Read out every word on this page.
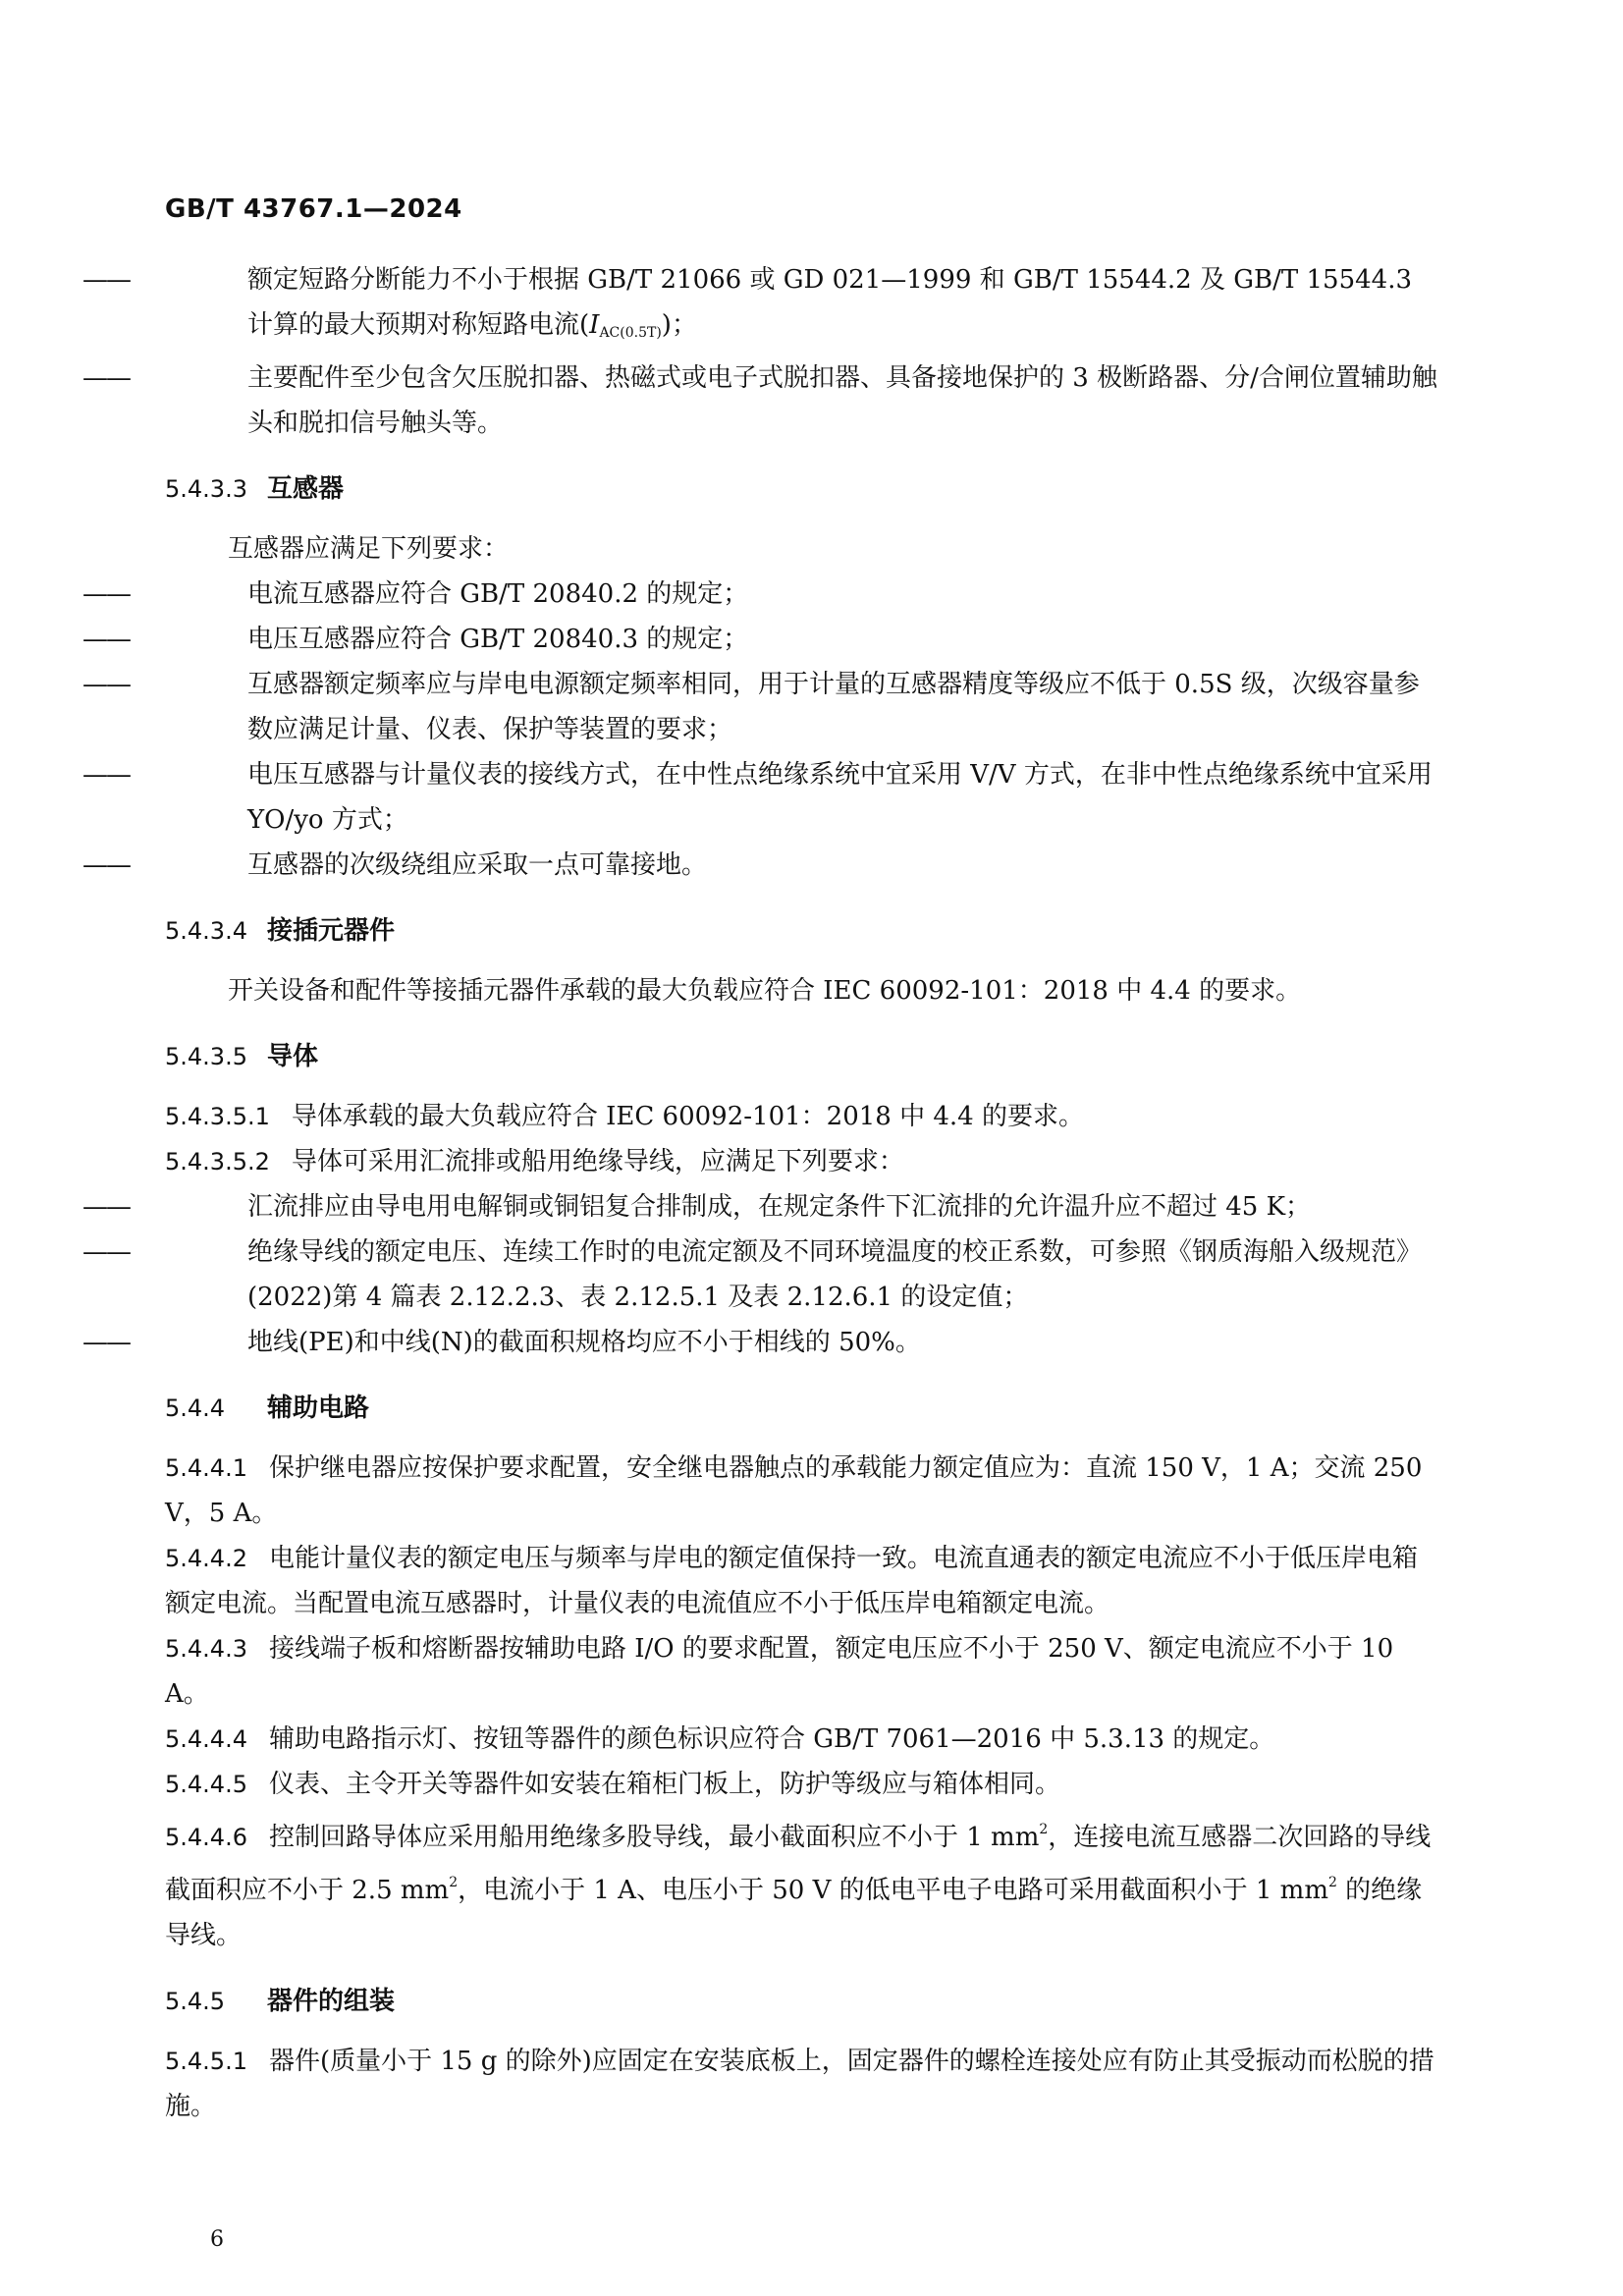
GB/T 43767.1—2024

——
额定短路分断能力不小于根据 GB/T 21066 或 GD 021—1999 和 GB/T 15544.2 及 GB/T 15544.3 计算的最大预期对称短路电流$(I_{AC(0.5T)})$；

——
主要配件至少包含欠压脱扣器、热磁式或电子式脱扣器、具备接地保护的 3 极断路器、分/合闸位置辅助触头和脱扣信号触头等。

5.4.3.3 互感器

互感器应满足下列要求：

——
电流互感器应符合 GB/T 20840.2 的规定；

——
电压互感器应符合 GB/T 20840.3 的规定；

——
互感器额定频率应与岸电电源额定频率相同，用于计量的互感器精度等级应不低于 0.5S 级，次级容量参数应满足计量、仪表、保护等装置的要求；

——
电压互感器与计量仪表的接线方式，在中性点绝缘系统中宜采用 V/V 方式，在非中性点绝缘系统中宜采用 YO/yo 方式；

——
互感器的次级绕组应采取一点可靠接地。

5.4.3.4 接插元器件

开关设备和配件等接插元器件承载的最大负载应符合 IEC 60092-101：2018 中 4.4 的要求。

5.4.3.5 导体

5.4.3.5.1 导体承载的最大负载应符合 IEC 60092-101：2018 中 4.4 的要求。

5.4.3.5.2 导体可采用汇流排或船用绝缘导线，应满足下列要求：

——
汇流排应由导电用电解铜或铜铝复合排制成，在规定条件下汇流排的允许温升应不超过 45 K；

——
绝缘导线的额定电压、连续工作时的电流定额及不同环境温度的校正系数，可参照《钢质海船入级规范》(2022)第 4 篇表 2.12.2.3、表 2.12.5.1 及表 2.12.6.1 的设定值；

——
地线(PE)和中线(N)的截面积规格均应不小于相线的 50%。

5.4.4 辅助电路

5.4.4.1 保护继电器应按保护要求配置，安全继电器触点的承载能力额定值应为：直流 150 V，1 A；交流 250 V，5 A。

5.4.4.2 电能计量仪表的额定电压与频率与岸电的额定值保持一致。电流直通表的额定电流应不小于低压岸电箱额定电流。当配置电流互感器时，计量仪表的电流值应不小于低压岸电箱额定电流。

5.4.4.3 接线端子板和熔断器按辅助电路 I/O 的要求配置，额定电压应不小于 250 V、额定电流应不小于 10 A。

5.4.4.4 辅助电路指示灯、按钮等器件的颜色标识应符合 GB/T 7061—2016 中 5.3.13 的规定。

5.4.4.5 仪表、主令开关等器件如安装在箱柜门板上，防护等级应与箱体相同。

5.4.4.6 控制回路导体应采用船用绝缘多股导线，最小截面积应不小于 1 $mm^2$，连接电流互感器二次回路的导线截面积应不小于 2.5 $mm^2$，电流小于 1 A、电压小于 50 V 的低电平电子电路可采用截面积小于 1 $mm^2$ 的绝缘导线。

5.4.5 器件的组装

5.4.5.1 器件(质量小于 15 g 的除外)应固定在安装底板上，固定器件的螺栓连接处应有防止其受振动而松脱的措施。

6
